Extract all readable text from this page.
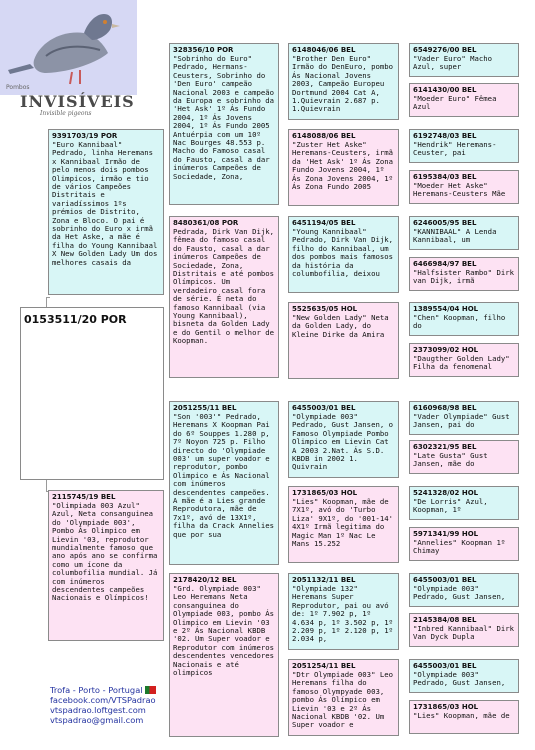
Pombos
INVISÍVEIS
Invisible pigeons
0153511/20 POR
9391703/19 POR
"Euro Kannibaal" Pedrado, linha Heremans x Kannibaal Irmão de pelo menos dois pombos Olimpicos, irmão e tio de vários Campeões Distritais e variadíssimos 1ºs prémios de Distrito, Zona e Bloco. O pai é sobrinho do Euro x irmã da Het Aske, a mãe é filha do Young Kannibaal X New Golden Lady Um dos melhores casais da
2115745/19 BEL
"Olimpiada 003 Azul" Azul, Neta consanguinea do 'Olympiade 003', Pombo Ás Olimpico em Lievin '03, reprodutor mundialmente famoso que ano após ano se confirma como um ícone da columbofilia mundial. Já com inúmeros descendentes campeões Nacionais e Olímpicos!
328356/10 POR
"Sobrinho do Euro" Pedrado, Hermans-Ceusters, Sobrinho do 'Den Euro' campeão Nacional 2003 e campeão da Europa e sobrinho da 'Het Ask' 1º Ás Fundo 2004, 1º Ás Jovens 2004, 1º Ás Fundo 2005 Antuérpia com um 10º Nac Bourges 48.553 p. Macho do Famoso casal do Fausto, casal a dar inúmeros Campeões de Sociedade, Zona,
8480361/08 POR
Pedrada, Dirk Van Dijk, fêmea do famoso casal do Fausto, casal a dar inúmeros Campeões de Sociedade, Zona, Distritais e até pombos Olímpicos. Um verdadeiro casal fora de série. É neta do famoso Kannibaal (via Young Kannibaal), bisneta da Golden Lady e do Gentil o melhor de Koopman.
2051255/11 BEL
"Son '003'" Pedrado, Heremans X Koopman Pai do 6º Souppes 1.280 p, 7º Noyon 725 p. Filho directo do 'Olympiade 003' um super voador e reprodutor, pombo Olimpico e Ás Nacional com inúmeros descendentes campeões. A mãe é a Lies grande Reprodutora, mãe de 7x1º, avó de 13X1º, filha da Crack Annelies que por sua
2178420/12 BEL
"Grd. Olympiade 003" Leo Heremans Neta consanguinea do Olympiade 003, pombo Ás Olimpico em Lievin '03 e 2º Ás Nacional KBDB '02. Um Super voador e Reprodutor com inúmeros descendentes vencedores Nacionais e até olimpicos
6148046/06 BEL
"Brother Den Euro" Irmão do DenEuro, pombo Ás Nacional Jovens 2003, Campeão Europeu Dortmund 2004 Cat A, 1.Quievrain 2.687 p. 1.Quievrain
6148088/06 BEL
"Zuster Het Aske" Heremans-Ceusters, irmã da 'Het Ask' 1º Ás Zona Fundo Jovens 2004, 1º Ás Zona Jovens 2004, 1º Ás Zona Fundo 2005
6451194/05 BEL
"Young Kannibaal" Pedrado, Dirk Van Dijk, filho do Kannibaal, um dos pombos mais famosos da história da columbofilia, deixou
5525635/05 HOL
"New Golden Lady" Neta da Golden Lady, do Kleine Dirke da Amira
6455003/01 BEL
"Olympiade 003" Pedrado, Gust Jansen, o Famoso Olympiade Pombo Olimpico em Lievin Cat A 2003 2.Nat. Ás S.D. KBDB in 2002 1. Quivrain
1731865/03 HOL
"Lies" Koopman, mãe de 7X1º, avó do 'Turbo Liza' 9X1º, do '001-14' 4X1º Irmã legitima do Magic Man 1º Nac Le Mans 15.252
2051132/11 BEL
"Olympiade 132" Heremans Super Reprodutor, pai ou avó de: 1º 7.902 p, 1º 4.634 p, 1º 3.502 p, 1º 2.209 p, 1º 2.120 p, 1º 2.034 p,
2051254/11 BEL
"Dtr Olympiade 003" Leo Heremans filha do famoso Olympyade 003, pombo Ás Olímpico em Lievin '03 e 2º Ás Nacional KBDB '02. Um Super voador e
6549276/00 BEL
"Vader Euro" Macho Azul, super
6141430/00 BEL
"Moeder Euro" Fêmea Azul
6192748/03 BEL
"Hendrik" Heremans-Ceuster, pai
6195384/03 BEL
"Moeder Het Aske" Heremans-Ceusters Mãe
6246005/95 BEL
"KANNIBAAL" A Lenda Kannibaal, um
6466984/97 BEL
"Halfsister Rambo" Dirk van Dijk, irmã
1389554/04 HOL
"Chen" Koopman, filho do
2373099/02 HOL
"Daugther Golden Lady" Filha da fenomenal
6160968/98 BEL
"Vader Olympiade" Gust Jansen, pai do
6302321/95 BEL
"Late Gusta" Gust Jansen, mãe do
5241328/02 HOL
"De Lorris" Azul, Koopman, 1º
5971341/99 HOL
"Annelies" Koopman 1º Chimay
6455003/01 BEL
"Olympiade 003" Pedrado, Gust Jansen,
2145384/08 BEL
"Inbred Kannibaal" Dirk Van Dyck Dupla
6455003/01 BEL
"Olympiade 003" Pedrado, Gust Jansen,
1731865/03 HOL
"Lies" Koopman, mãe de
Trofa - Porto - Portugal
facebook.com/VTSPadrao
vtspadrao.loftgest.com
vtspadrao@gmail.com
